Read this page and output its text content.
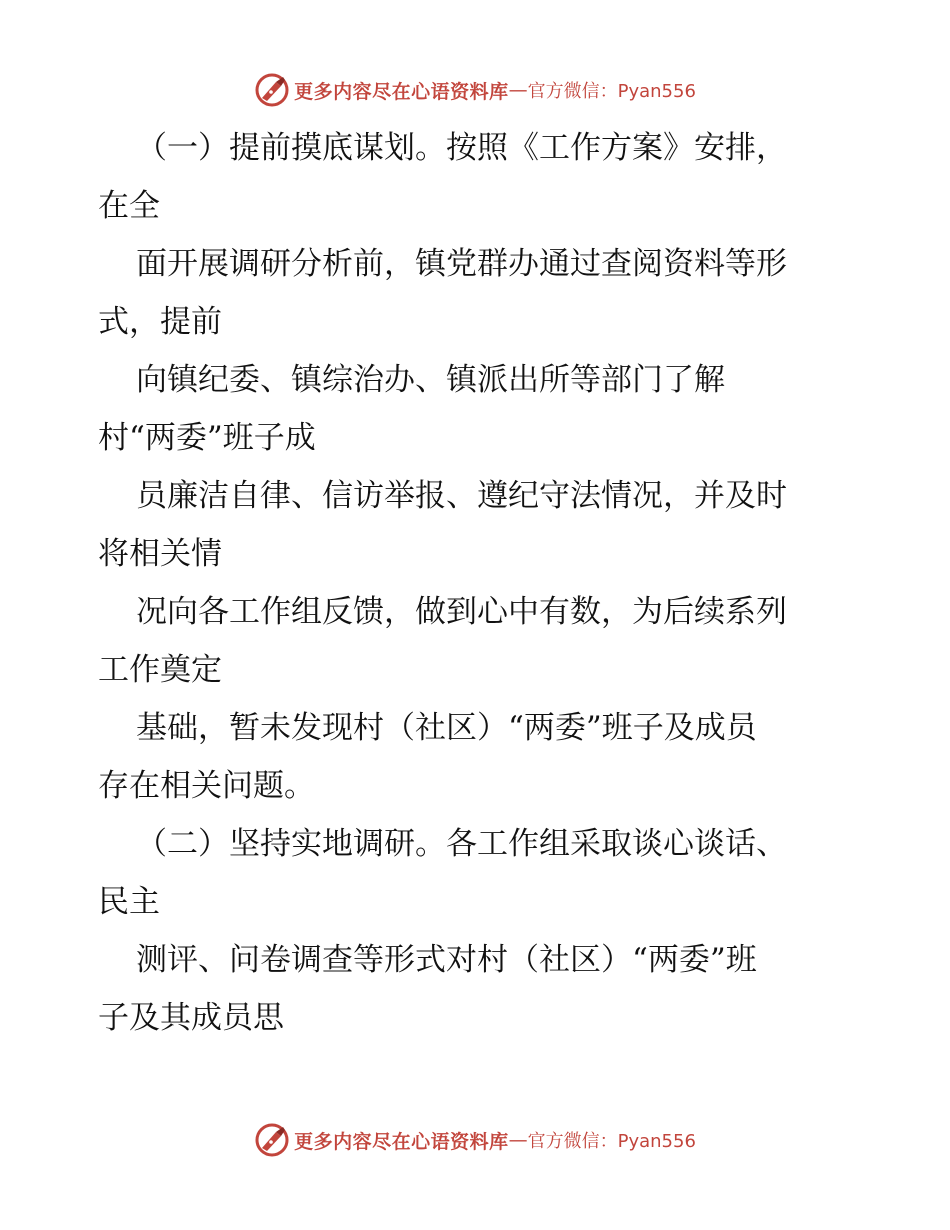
更多内容尽在心语资料库 — 官方微信：Pyan556
（一）提前摸底谋划。按照《工作方案》安排，
在全
面开展调研分析前，镇党群办通过查阅资料等形
式，提前
向镇纪委、镇综治办、镇派出所等部门了解
村“两委”班子成
员廉洁自律、信访举报、遵纪守法情况，并及时
将相关情
况向各工作组反馈，做到心中有数，为后续系列
工作奠定
基础，暂未发现村（社区）“两委”班子及成员
存在相关问题。
（二）坚持实地调研。各工作组采取谈心谈话、
民主
测评、问卷调查等形式对村（社区）“两委”班
子及其成员思
更多内容尽在心语资料库 — 官方微信：Pyan556
